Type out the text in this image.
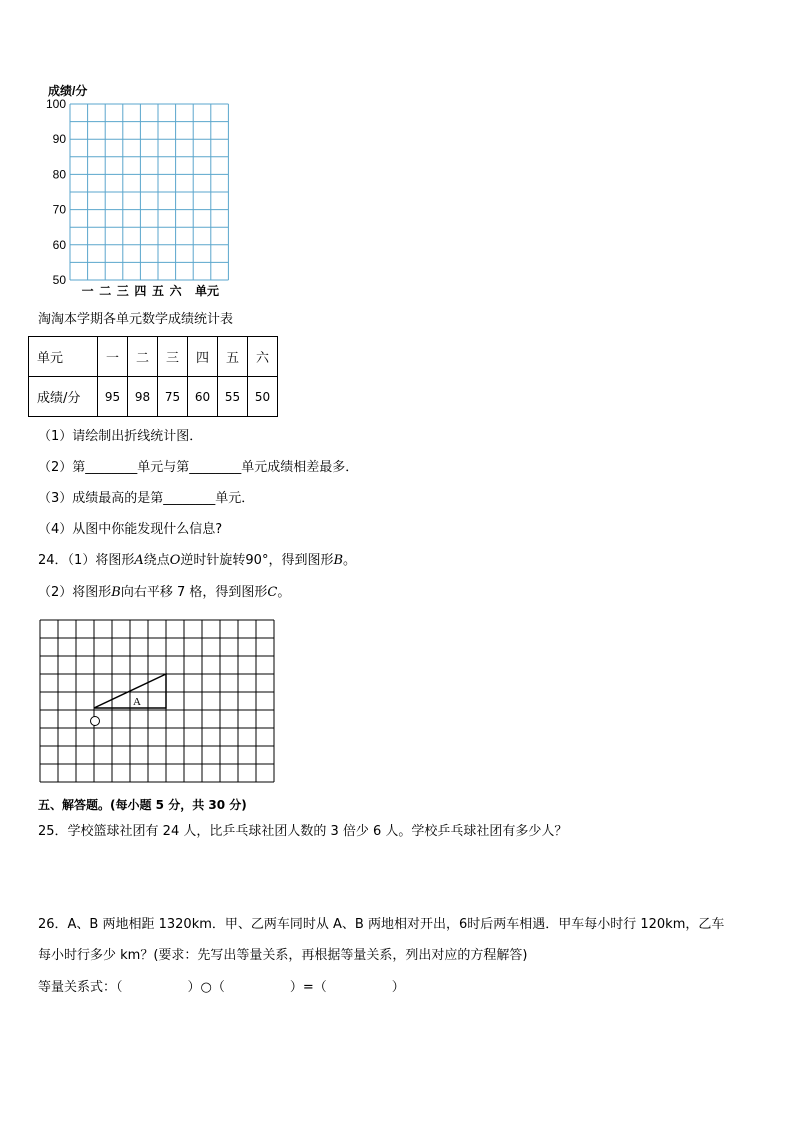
成绩/分
100
90
80
70
60
50
一 二 三 四 五 六 单元
淘淘本学期各单元数学成绩统计表
单元	一	二	三	四	五	六
成绩/分	95	98	75	60	55	50
（1）请绘制出折线统计图．
（2）第________单元与第________单元成绩相差最多．
（3）成绩最高的是第________单元．
（4）从图中你能发现什么信息?
24．（1）将图形A绕点O逆时针旋转90°，得到图形B。
（2）将图形B向右平移 7 格，得到图形C。
A
五、解答题。(每小题 5 分，共 30 分)
25．学校篮球社团有 24 人，比乒乓球社团人数的 3 倍少 6 人。学校乒乓球社团有多少人？
26．A、B 两地相距 1320km．甲、乙两车同时从 A、B 两地相对开出，6时后两车相遇．甲车每小时行 120km，乙车
每小时行多少 km？(要求：先写出等量关系，再根据等量关系，列出对应的方程解答)
等量关系式：（　　　　　）○（　　　　　）=（　　　　　）
